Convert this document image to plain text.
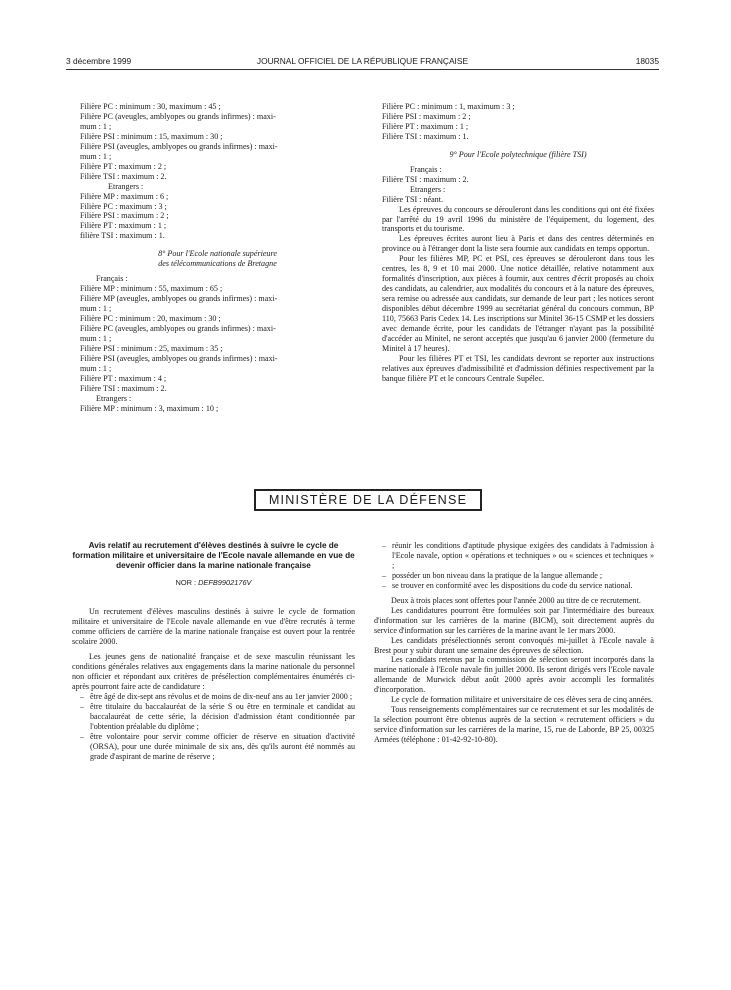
3 décembre 1999	JOURNAL OFFICIEL DE LA RÉPUBLIQUE FRANÇAISE	18035

Filière PC : minimum : 30, maximum : 45 ;

Filière PC (aveugles, amblyopes ou grands infirmes) : maxi-

mum : 1 ;

Filière PSI : minimum : 15, maximum : 30 ;

Filière PSI (aveugles, amblyopes ou grands infirmes) : maxi-

mum : 1 ;

Filière PT : maximum : 2 ;

Filière TSI : maximum : 2.

Etrangers :

Filière MP : maximum : 6 ;

Filière PC : maximum : 3 ;

Filière PSI : maximum : 2 ;

Filière PT : maximum : 1 ;

filière TSI : maximum : 1.

8° Pour l'Ecole nationale supérieure

des télécommunications de Bretagne

Français :

Filière MP : minimum : 55, maximum : 65 ;

Filière MP (aveugles, amblyopes ou grands infirmes) : maxi-

mum : 1 ;

Filière PC : minimum : 20, maximum : 30 ;

Filière PC (aveugles, amblyopes ou grands infirmes) : maxi-

mum : 1 ;

Filière PSI : minimum : 25, maximum : 35 ;

Filière PSI (aveugles, amblyopes ou grands infirmes) : maxi-

mum : 1 ;

Filière PT : maximum : 4 ;

Filière TSI : maximum : 2.

Etrangers :

Filière MP : minimum : 3, maximum : 10 ;

Filière PC : minimum : 1, maximum : 3 ;

Filière PSI : maximum : 2 ;

Filière PT : maximum : 1 ;

Filière TSI : maximum : 1.

9° Pour l'Ecole polytechnique (filière TSI)

Français :

Filière TSI : maximum : 2.

Etrangers :

Filière TSI : néant.

Les épreuves du concours se dérouleront dans les conditions qui ont été fixées par l'arrêté du 19 avril 1996 du ministère de l'équipement, du logement, des transports et du tourisme.

Les épreuves écrites auront lieu à Paris et dans des centres déterminés en province ou à l'étranger dont la liste sera fournie aux candidats en temps opportun.

Pour les filières MP, PC et PSI, ces épreuves se dérouleront dans tous les centres, les 8, 9 et 10 mai 2000. Une notice détaillée, relative notamment aux formalités d'inscription, aux pièces à fournir, aux centres d'écrit proposés au choix des candidats, au calendrier, aux modalités du concours et à la nature des épreuves, sera remise ou adressée aux candidats, sur demande de leur part ; les notices seront disponibles début décembre 1999 au secrétariat général du concours commun, BP 110, 75663 Paris Cedex 14. Les inscriptions sur Minitel 36-15 CSMP et les dossiers avec demande écrite, pour les candidats de l'étranger n'ayant pas la possibilité d'accéder au Minitel, ne seront acceptés que jusqu'au 6 janvier 2000 (fermeture du Minitel à 17 heures).

Pour les filières PT et TSI, les candidats devront se reporter aux instructions relatives aux épreuves d'admissibilité et d'admission définies respectivement par la banque filière PT et le concours Centrale Supélec.

MINISTÈRE DE LA DÉFENSE

Avis relatif au recrutement d'élèves destinés à suivre le cycle de formation militaire et universitaire de l'Ecole navale allemande en vue de devenir officier dans la marine nationale française

NOR : DEFB9902176V

Un recrutement d'élèves masculins destinés à suivre le cycle de formation militaire et universitaire de l'Ecole navale allemande en vue d'être recrutés à terme comme officiers de carrière de la marine nationale française est ouvert pour la rentrée scolaire 2000.

Les jeunes gens de nationalité française et de sexe masculin réunissant les conditions générales relatives aux engagements dans la marine nationale du personnel non officier et répondant aux critères de présélection complémentaires énumérés ci-après pourront faire acte de candidature :

– être âgé de dix-sept ans révolus et de moins de dix-neuf ans au 1er janvier 2000 ;

– être titulaire du baccalauréat de la série S ou être en terminale et candidat au baccalauréat de cette série, la décision d'admission étant conditionnée par l'obtention préalable du diplôme ;

– être volontaire pour servir comme officier de réserve en situation d'activité (ORSA), pour une durée minimale de six ans, dès qu'ils auront été nommés au grade d'aspirant de marine de réserve ;

– réunir les conditions d'aptitude physique exigées des candidats à l'admission à l'Ecole navale, option « opérations et techniques » ou « sciences et techniques » ;

– posséder un bon niveau dans la pratique de la langue allemande ;

– se trouver en conformité avec les dispositions du code du service national.

Deux à trois places sont offertes pour l'année 2000 au titre de ce recrutement.

Les candidatures pourront être formulées soit par l'intermédiaire des bureaux d'information sur les carrières de la marine (BICM), soit directement auprès du service d'information sur les carrières de la marine avant le 1er mars 2000.

Les candidats présélectionnés seront convoqués mi-juillet à l'Ecole navale à Brest pour y subir durant une semaine des épreuves de sélection.

Les candidats retenus par la commission de sélection seront incorporés dans la marine nationale à l'Ecole navale fin juillet 2000. Ils seront dirigés vers l'Ecole navale allemande de Murwick début août 2000 après avoir accompli les formalités d'incorporation.

Le cycle de formation militaire et universitaire de ces élèves sera de cinq années.

Tous renseignements complémentaires sur ce recrutement et sur les modalités de la sélection pourront être obtenus auprès de la section « recrutement officiers » du service d'information sur les carrières de la marine, 15, rue de Laborde, BP 25, 00325 Armées (téléphone : 01-42-92-10-80).
